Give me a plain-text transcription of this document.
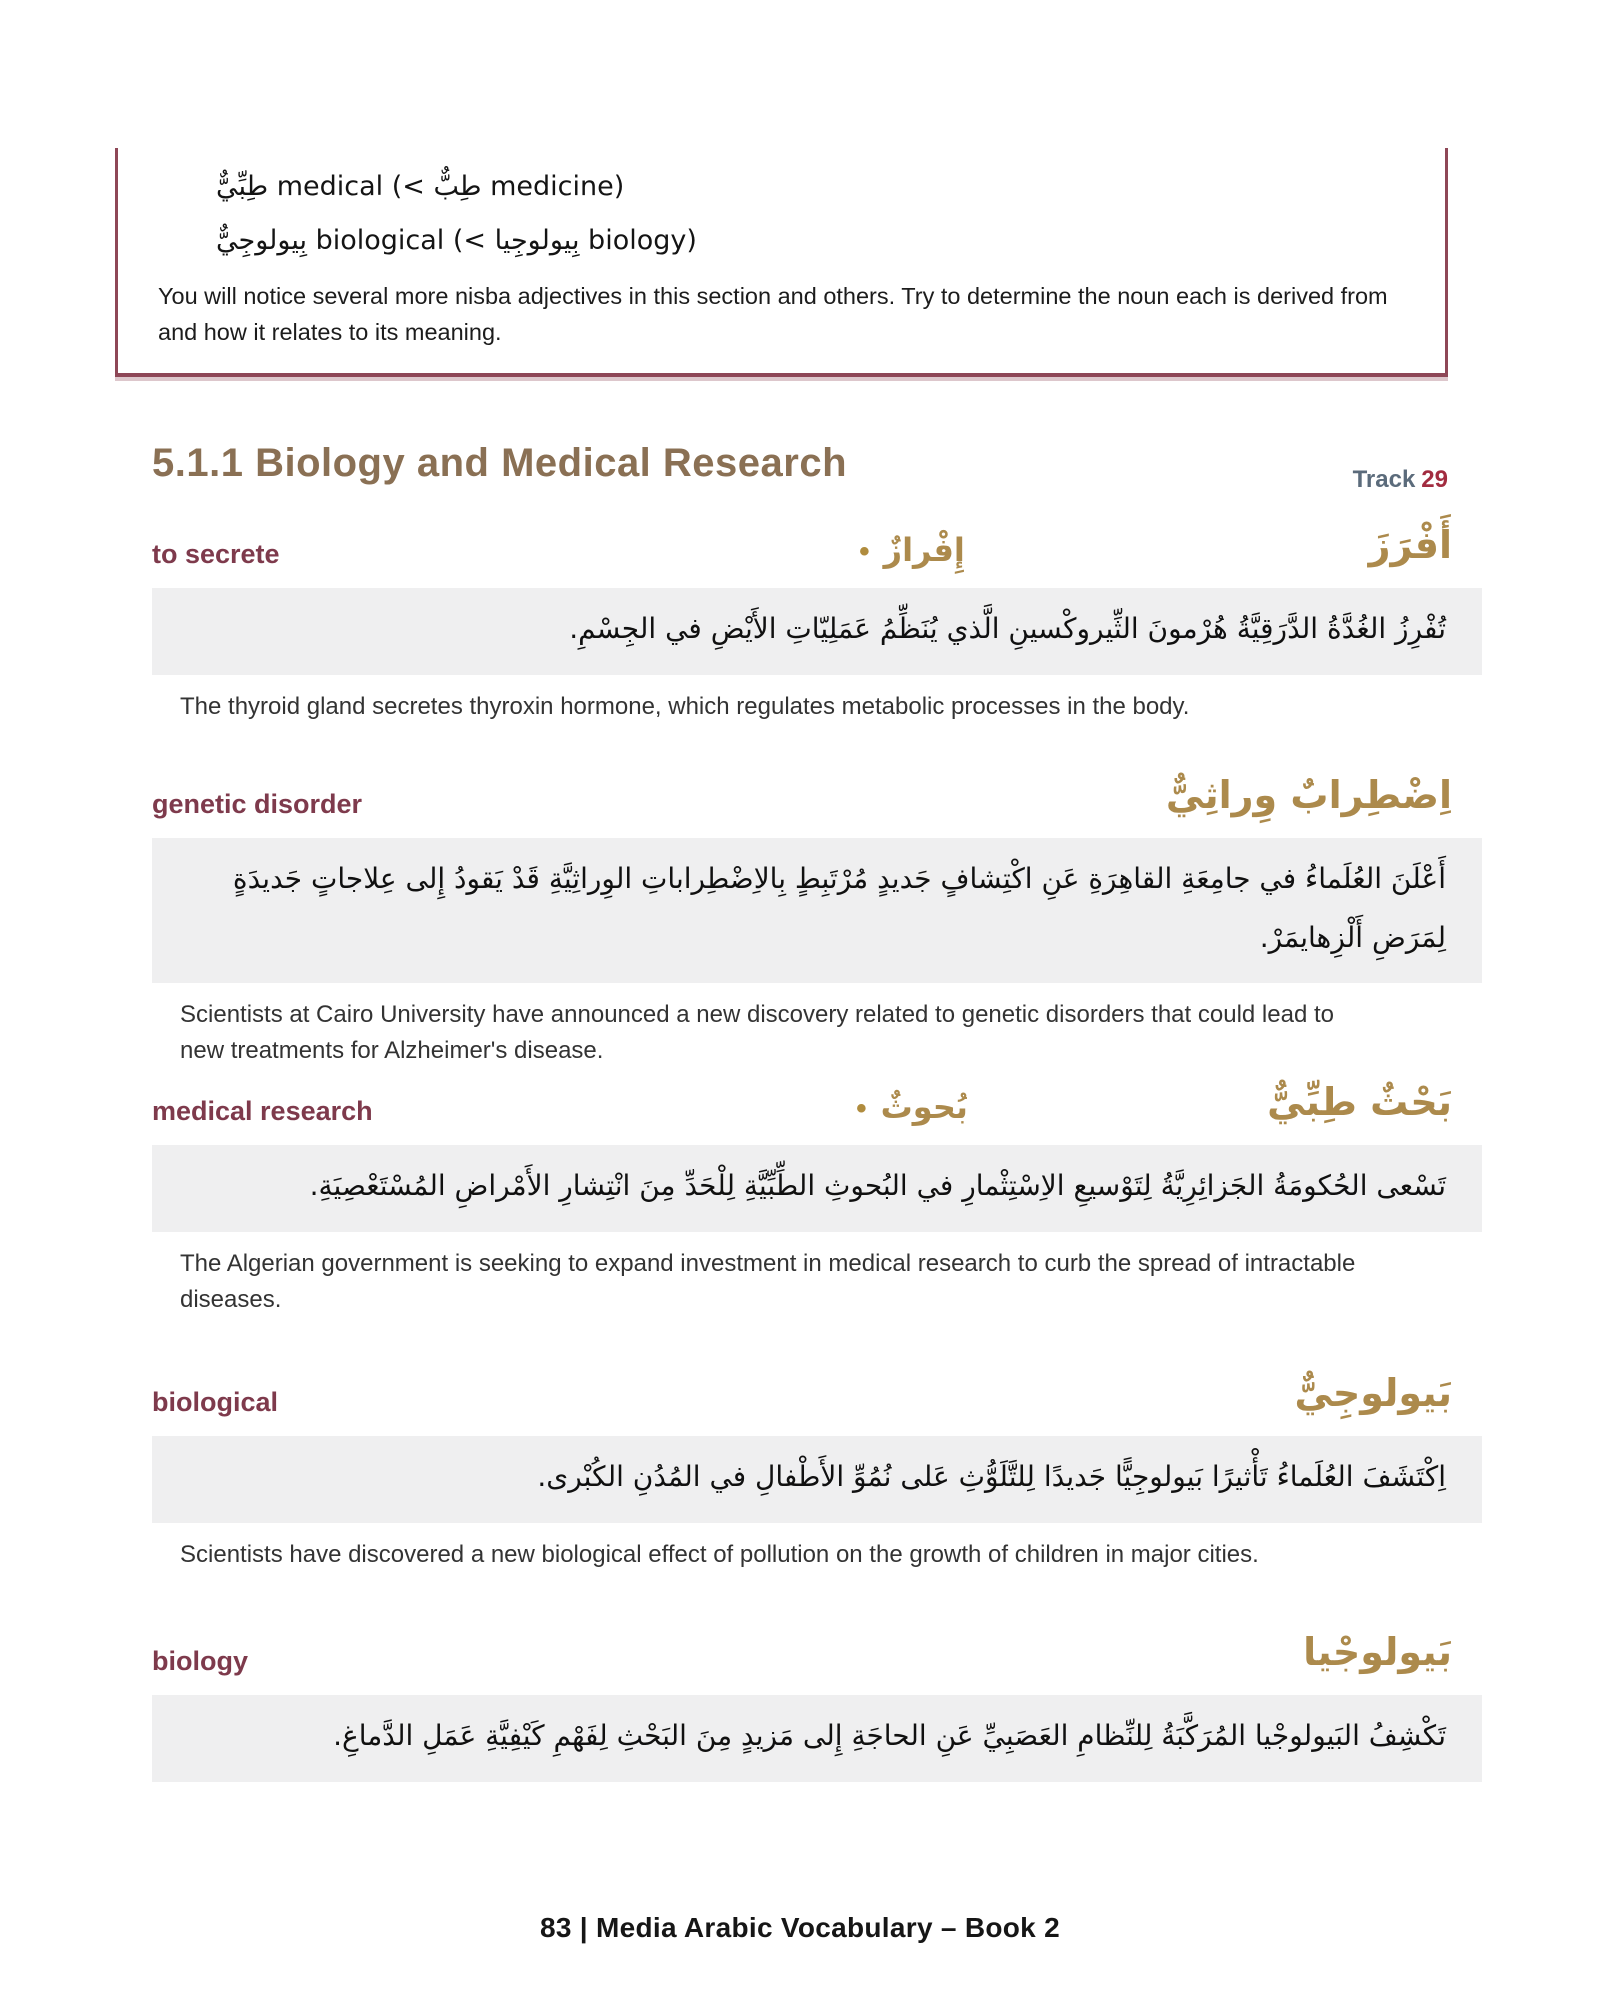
طِبِّيٌّ medical (< طِبٌّ medicine)
بِيولوجِيٌّ biological (< بِيولوجِيا biology)
You will notice several more nisba adjectives in this section and others. Try to determine the noun each is derived from and how it relates to its meaning.
5.1.1 Biology and Medical Research	Track 29
to secrete	• إِفْرازٌ	أَفْرَزَ
تُفْرِزُ الغُدَّةُ الدَّرَقِيَّةُ هُرْمونَ الثِّيروكْسينِ الَّذي يُنَظِّمُ عَمَلِيّاتِ الأَيْضِ في الجِسْمِ.
The thyroid gland secretes thyroxin hormone, which regulates metabolic processes in the body.
genetic disorder	اِضْطِرابٌ وِراثِيٌّ
أَعْلَنَ العُلَماءُ في جامِعَةِ القاهِرَةِ عَنِ اكْتِشافٍ جَديدٍ مُرْتَبِطٍ بِالاِضْطِراباتِ الوِراثِيَّةِ قَدْ يَقودُ إِلى عِلاجاتٍ جَديدَةٍ لِمَرَضِ أَلْزِهايمَرْ.
Scientists at Cairo University have announced a new discovery related to genetic disorders that could lead to new treatments for Alzheimer's disease.
medical research	• بُحوثٌ	بَحْثٌ طِبِّيٌّ
تَسْعى الحُكومَةُ الجَزائِرِيَّةُ لِتَوْسيعِ الاِسْتِثْمارِ في البُحوثِ الطِّبِّيَّةِ لِلْحَدِّ مِنَ انْتِشارِ الأَمْراضِ المُسْتَعْصِيَةِ.
The Algerian government is seeking to expand investment in medical research to curb the spread of intractable diseases.
biological	بَيولوجِيٌّ
اِكْتَشَفَ العُلَماءُ تَأْثيرًا بَيولوجِيًّا جَديدًا لِلتَّلَوُّثِ عَلى نُمُوِّ الأَطْفالِ في المُدُنِ الكُبْرى.
Scientists have discovered a new biological effect of pollution on the growth of children in major cities.
biology	بَيولوجْيا
تَكْشِفُ البَيولوجْيا المُرَكَّبَةُ لِلنِّظامِ العَصَبِيِّ عَنِ الحاجَةِ إِلى مَزيدٍ مِنَ البَحْثِ لِفَهْمِ كَيْفِيَّةِ عَمَلِ الدَّماغِ.
83 | Media Arabic Vocabulary – Book 2
